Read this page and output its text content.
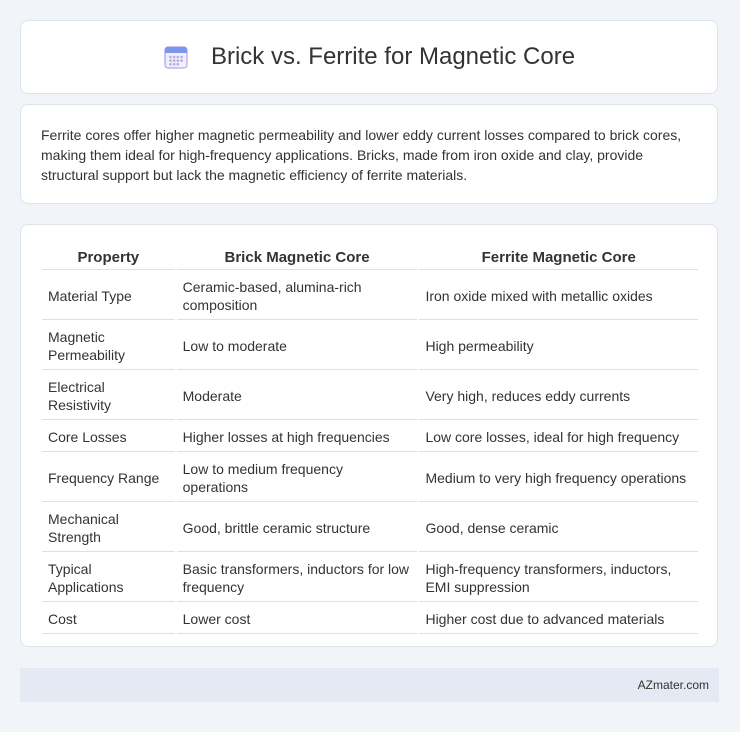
Brick vs. Ferrite for Magnetic Core

Ferrite cores offer higher magnetic permeability and lower eddy current losses compared to brick cores, making them ideal for high-frequency applications. Bricks, made from iron oxide and clay, provide structural support but lack the magnetic efficiency of ferrite materials.

Property	Brick Magnetic Core	Ferrite Magnetic Core
Material Type	Ceramic-based, alumina-rich composition	Iron oxide mixed with metallic oxides
Magnetic Permeability	Low to moderate	High permeability
Electrical Resistivity	Moderate	Very high, reduces eddy currents
Core Losses	Higher losses at high frequencies	Low core losses, ideal for high frequency
Frequency Range	Low to medium frequency operations	Medium to very high frequency operations
Mechanical Strength	Good, brittle ceramic structure	Good, dense ceramic
Typical Applications	Basic transformers, inductors for low frequency	High-frequency transformers, inductors, EMI suppression
Cost	Lower cost	Higher cost due to advanced materials
AZmater.com
